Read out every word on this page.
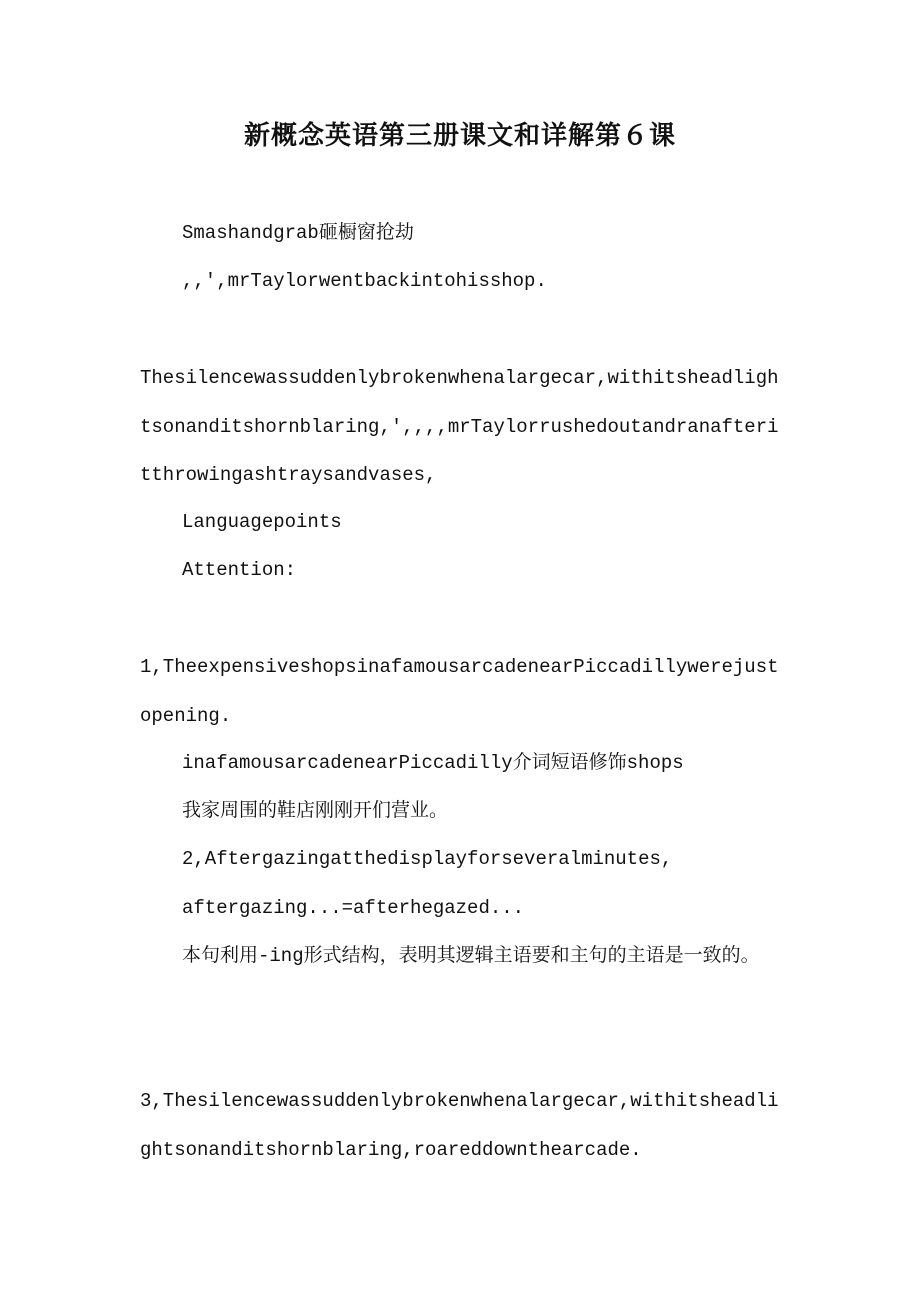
新概念英语第三册课文和详解第６课

Smashandgrab砸橱窗抢劫

,,',mrTaylorwentbackintohisshop.

Thesilencewassuddenlybrokenwhenalargecar,withitsheadlightsonanditshornblaring,',,,,mrTaylorrushedoutandranafteritthrowingashtraysandvases,

Languagepoints

Attention:

1,TheexpensiveshopsinafamousarcadenearPiccadillywerejustopening.

inafamousarcadenearPiccadilly介词短语修饰shops

我家周围的鞋店刚刚开们营业。

2,Aftergazingatthedisplayforseveralminutes,

aftergazing...=afterhegazed...

本句利用-ing形式结构，表明其逻辑主语要和主句的主语是一致的。

3,Thesilencewassuddenlybrokenwhenalargecar,withitsheadlightsonanditshornblaring,roareddownthearcade.
